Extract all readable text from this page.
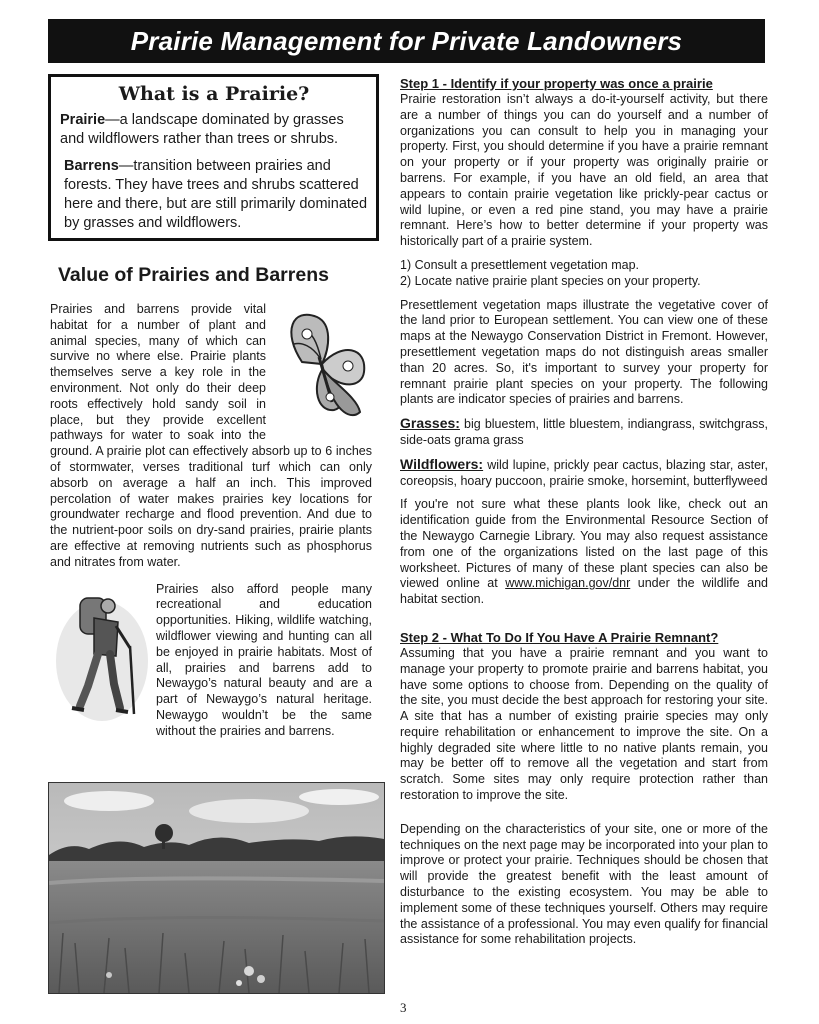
Prairie Management for Private Landowners
What is a Prairie?

Prairie—a landscape dominated by grasses and wildflowers rather than trees or shrubs.

Barrens—transition between prairies and forests. They have trees and shrubs scattered here and there, but are still primarily dominated by grasses and wildflowers.

Value of Prairies and Barrens

Prairies and barrens provide vital habitat for a number of plant and animal species, many of which can survive no where else. Prairie plants themselves serve a key role in the environment. Not only do their deep roots effectively hold sandy soil in place, but they provide excellent pathways for water to soak into the ground. A prairie plot can effectively absorb up to 6 inches of stormwater, verses traditional turf which can only absorb on average a half an inch. This improved percolation of water makes prairies key locations for groundwater recharge and flood prevention. And due to the nutrient-poor soils on dry-sand prairies, prairie plants are effective at removing nutrients such as phosphorus and nitrates from water.

Prairies also afford people many recreational and education opportunities. Hiking, wildlife watching, wildflower viewing and hunting can all be enjoyed in prairie habitats. Most of all, prairies and barrens add to Newaygo’s natural beauty and are a part of Newaygo’s natural heritage. Newaygo wouldn’t be the same without the prairies and barrens.

Step 1 - Identify if your property was once a prairie

Prairie restoration isn’t always a do-it-yourself activity, but there are a number of things you can do yourself and a number of organizations you can consult to help you in managing your property. First, you should determine if you have a prairie remnant on your property or if your property was originally prairie or barrens. For example, if you have an old field, an area that appears to contain prairie vegetation like prickly-pear cactus or wild lupine, or even a red pine stand, you may have a prairie remnant. Here’s how to better determine if your property was historically part of a prairie system.

1) Consult a presettlement vegetation map.
2) Locate native prairie plant species on your property.

Presettlement vegetation maps illustrate the vegetative cover of the land prior to European settlement. You can view one of these maps at the Newaygo Conservation District in Fremont. However, presettlement vegetation maps do not distinguish areas smaller than 20 acres. So, it's important to survey your property for remnant prairie plant species on your property. The following plants are indicator species of prairies and barrens.

Grasses: big bluestem, little bluestem, indiangrass, switchgrass, side-oats grama grass

Wildflowers: wild lupine, prickly pear cactus, blazing star, aster, coreopsis, hoary puccoon, prairie smoke, horsemint, butterflyweed

If you're not sure what these plants look like, check out an identification guide from the Environmental Resource Section of the Newaygo Carnegie Library. You may also request assistance from one of the organizations listed on the last page of this worksheet. Pictures of many of these plant species can also be viewed online at www.michigan.gov/dnr under the wildlife and habitat section.

Step 2 - What To Do If You Have A Prairie Remnant?

Assuming that you have a prairie remnant and you want to manage your property to promote prairie and barrens habitat, you have some options to choose from. Depending on the quality of the site, you must decide the best approach for restoring your site. A site that has a number of existing prairie species may only require rehabilitation or enhancement to improve the site. On a highly degraded site where little to no native plants remain, you may be better off to remove all the vegetation and start from scratch. Some sites may only require protection rather than restoration to improve the site.

Depending on the characteristics of your site, one or more of the techniques on the next page may be incorporated into your plan to improve or protect your prairie. Techniques should be chosen that will provide the greatest benefit with the least amount of disturbance to the existing ecosystem. You may be able to implement some of these techniques yourself. Others may require the assistance of a professional. You may even qualify for financial assistance for some rehabilitation projects.

3
